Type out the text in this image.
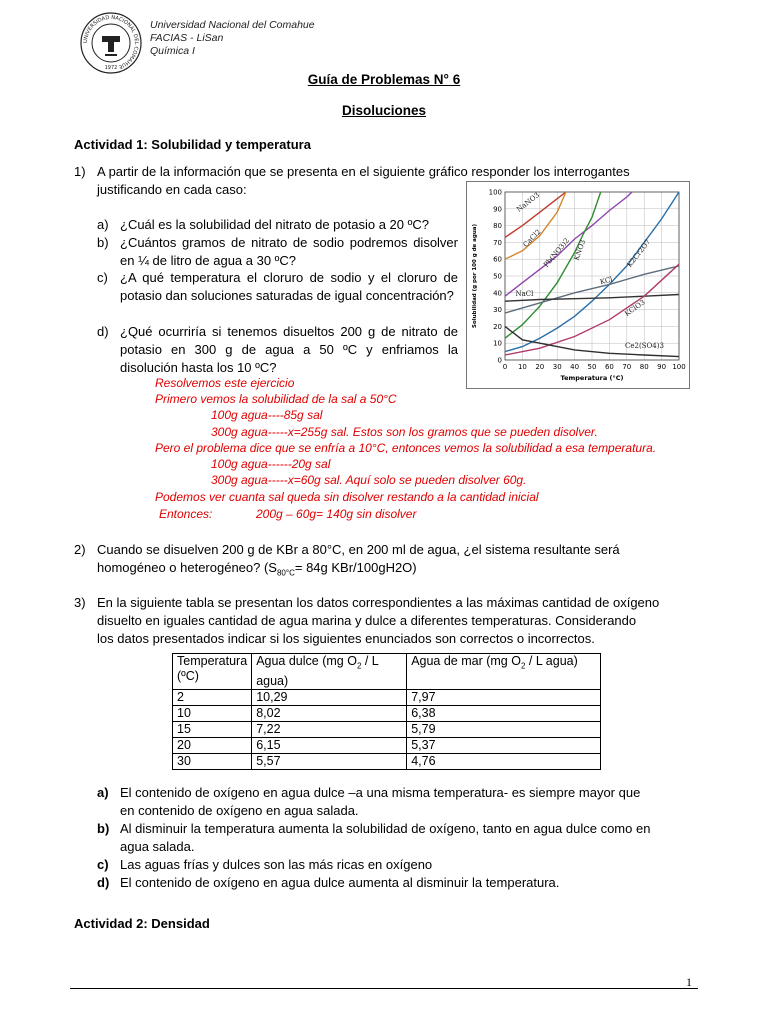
UNIVERSIDAD NACIONAL DEL COMAHUE
1972
Universidad Nacional del Comahue
FACIAS - LiSan
Química I
Guía de Problemas N° 6
Disoluciones
Actividad 1: Solubilidad y temperatura
1) A partir de la información que se presenta en el siguiente gráfico responder los interrogantes
justificando en cada caso:
a) ¿Cuál es la solubilidad del nitrato de potasio a 20 ºC?
b) ¿Cuántos gramos de nitrato de sodio podremos disolver en ¼ de litro de agua a 30 ºC?
c) ¿A qué temperatura el cloruro de sodio y el cloruro de potasio dan soluciones saturadas de igual concentración?
d) ¿Qué ocurriría si tenemos disueltos 200 g de nitrato de potasio en 300 g de agua a 50 ºC y enfriamos la disolución hasta los 10 ºC?	0 10 20 30 40 50 60 70 80 90 100
0
10
20
30
40
50
60
70
80
90
100
Temperatura (°C)
Solubilidad (g por 100 g de agua)
NaNO3
CaCl2 Pb(NO3)2 KNO3	K2Cr2O7
KCl
NaCl
KClO3
Ce2(SO4)3
Resolvemos este ejercicio
Primero vemos la solubilidad de la sal a 50°C
100g agua----85g sal
300g agua-----x=255g sal. Estos son los gramos que se pueden disolver.
Pero el problema dice que se enfría a 10°C, entonces vemos la solubilidad a esa temperatura.
100g agua------20g sal
300g agua-----x=60g sal. Aquí solo se pueden disolver 60g.
Podemos ver cuanta sal queda sin disolver restando a la cantidad inicial
Entonces:	200g – 60g= 140g sin disolver
2) Cuando se disuelven 200 g de KBr a 80°C, en 200 ml de agua, ¿el sistema resultante será
homogéneo o heterogéneo? ($S_{80^\circ C}= 84g$ KBr/100gH2O)
3) En la siguiente tabla se presentan los datos correspondientes a las máximas cantidad de oxígeno
disuelto en iguales cantidad de agua marina y dulce a diferentes temperaturas. Considerando
los datos presentados indicar si los siguientes enunciados son correctos o incorrectos.
Temperatura
(ºC)	Agua dulce (mg $O_2$ / L agua)	Agua de mar (mg $O_2$ / L agua)
2	10,29	7,97
10	8,02	6,38
15	7,22	5,79
20	6,15	5,37
30	5,57	4,76
a) El contenido de oxígeno en agua dulce –a una misma temperatura- es siempre mayor que
en contenido de oxígeno en agua salada.
b) Al disminuir la temperatura aumenta la solubilidad de oxígeno, tanto en agua dulce como en
agua salada.
c) Las aguas frías y dulces son las más ricas en oxígeno
d) El contenido de oxígeno en agua dulce aumenta al disminuir la temperatura.
Actividad 2: Densidad
1
